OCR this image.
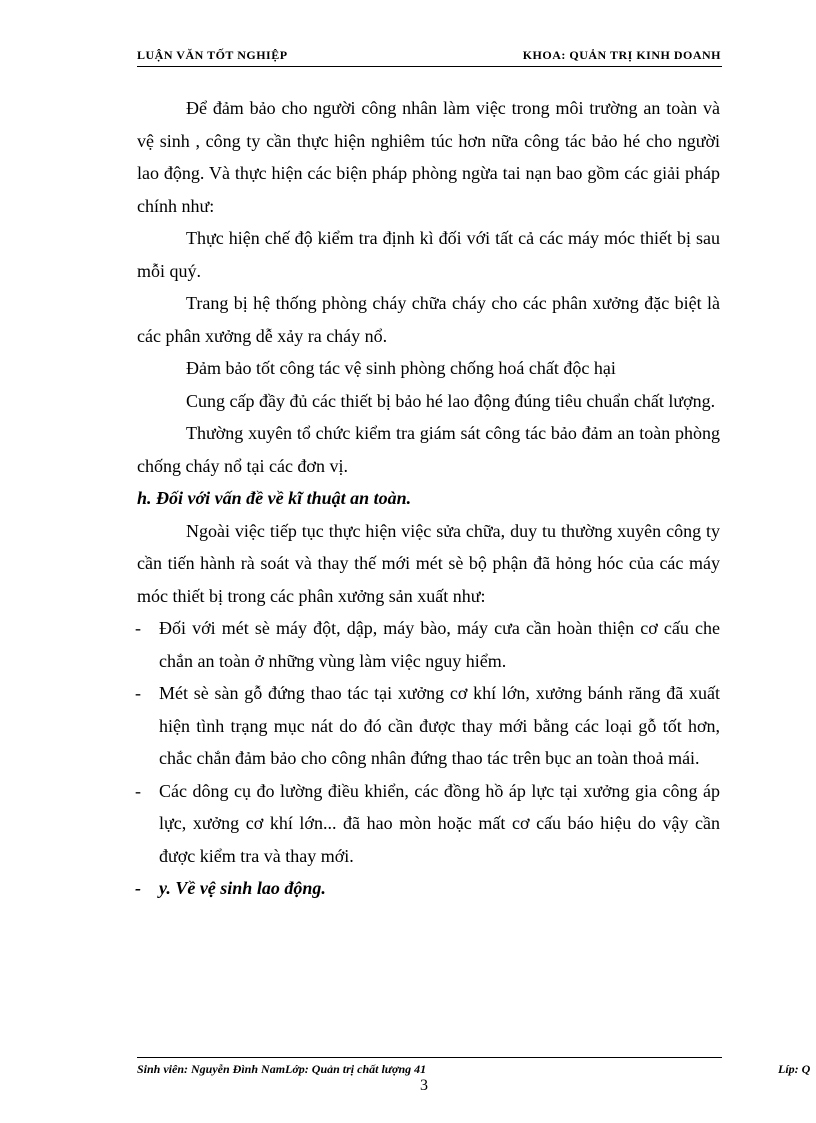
LUẬN VĂN TỐT NGHIỆP	KHOA: QUẢN TRỊ KINH DOANH

Để đảm bảo cho người công nhân làm việc trong môi trường an toàn và vệ sinh , công ty cần thực hiện nghiêm túc hơn nữa công tác bảo hé cho người lao động. Và thực hiện các biện pháp phòng ngừa tai nạn bao gồm các giải pháp chính như:

Thực hiện chế độ kiểm tra định kì đối với tất cả các máy móc thiết bị sau mỗi quý.

Trang bị hệ thống phòng cháy chữa cháy cho các phân xưởng đặc biệt là các phân xưởng dễ xảy ra cháy nổ.

Đảm bảo tốt công tác vệ sinh phòng chống hoá chất độc hại

Cung cấp đầy đủ các thiết bị bảo hé lao động đúng tiêu chuẩn chất lượng.

Thường xuyên tổ chức kiểm tra giám sát công tác bảo đảm an toàn phòng chống cháy nổ tại các đơn vị.

h. Đối với vấn đề về kĩ thuật an toàn.

Ngoài việc tiếp tục thực hiện việc sửa chữa, duy tu thường xuyên công ty cần tiến hành rà soát và thay thế mới mét sè bộ phận đã hỏng hóc của các máy móc thiết bị trong các phân xưởng sản xuất như:

- Đối với mét sè máy đột, dập, máy bào, máy cưa cần hoàn thiện cơ cấu che chắn an toàn ở những vùng làm việc nguy hiểm.
- Mét sè sàn gỗ đứng thao tác tại xưởng cơ khí lớn, xưởng bánh răng đã xuất hiện tình trạng mục nát do đó cần được thay mới bằng các loại gỗ tốt hơn, chắc chắn đảm bảo cho công nhân đứng thao tác trên bục an toàn thoả mái.
- Các dông cụ đo lường điều khiển, các đồng hồ áp lực tại xưởng gia công áp lực, xưởng cơ khí lớn... đã hao mòn hoặc mất cơ cấu báo hiệu do vậy cần được kiểm tra và thay mới.
- y. Về vệ sinh lao động.
Sinh viên: Nguyễn Đình NamLớp: Quản trị chất lượng 41	Líp: Q
3
